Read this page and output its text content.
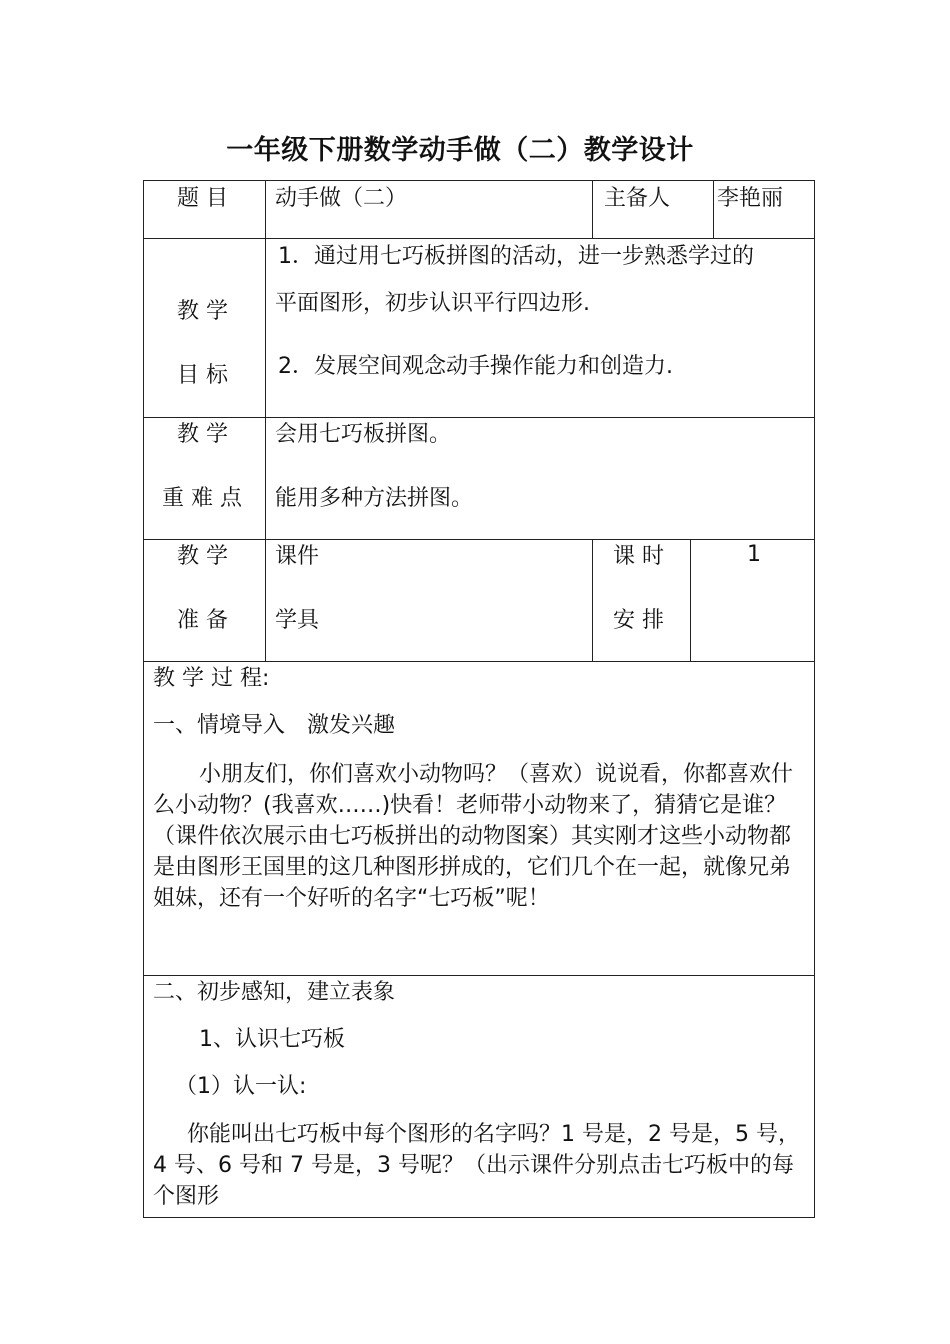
一年级下册数学动手做（二）教学设计
题 目 动手做（二）	主备人 李艳丽
教 学
目 标
1．通过用七巧板拼图的活动，进一步熟悉学过的
平面图形，初步认识平行四边形.
2．发展空间观念动手操作能力和创造力.
教 学
重 难 点
会用七巧板拼图。
能用多种方法拼图。
教 学
准 备
课件
学具
课 时
安 排
1
教 学 过 程:
一、情境导入　激发兴趣
小朋友们，你们喜欢小动物吗？（喜欢）说说看，你都喜欢什么小动物？(我喜欢……)快看！老师带小动物来了，猜猜它是谁？（课件依次展示由七巧板拼出的动物图案）其实刚才这些小动物都是由图形王国里的这几种图形拼成的，它们几个在一起，就像兄弟姐妹，还有一个好听的名字“七巧板”呢！
二、初步感知，建立表象
1、认识七巧板
（1）认一认:
你能叫出七巧板中每个图形的名字吗？1 号是，2 号是，5 号，4 号、6 号和 7 号是，3 号呢？（出示课件分别点击七巧板中的每个图形
